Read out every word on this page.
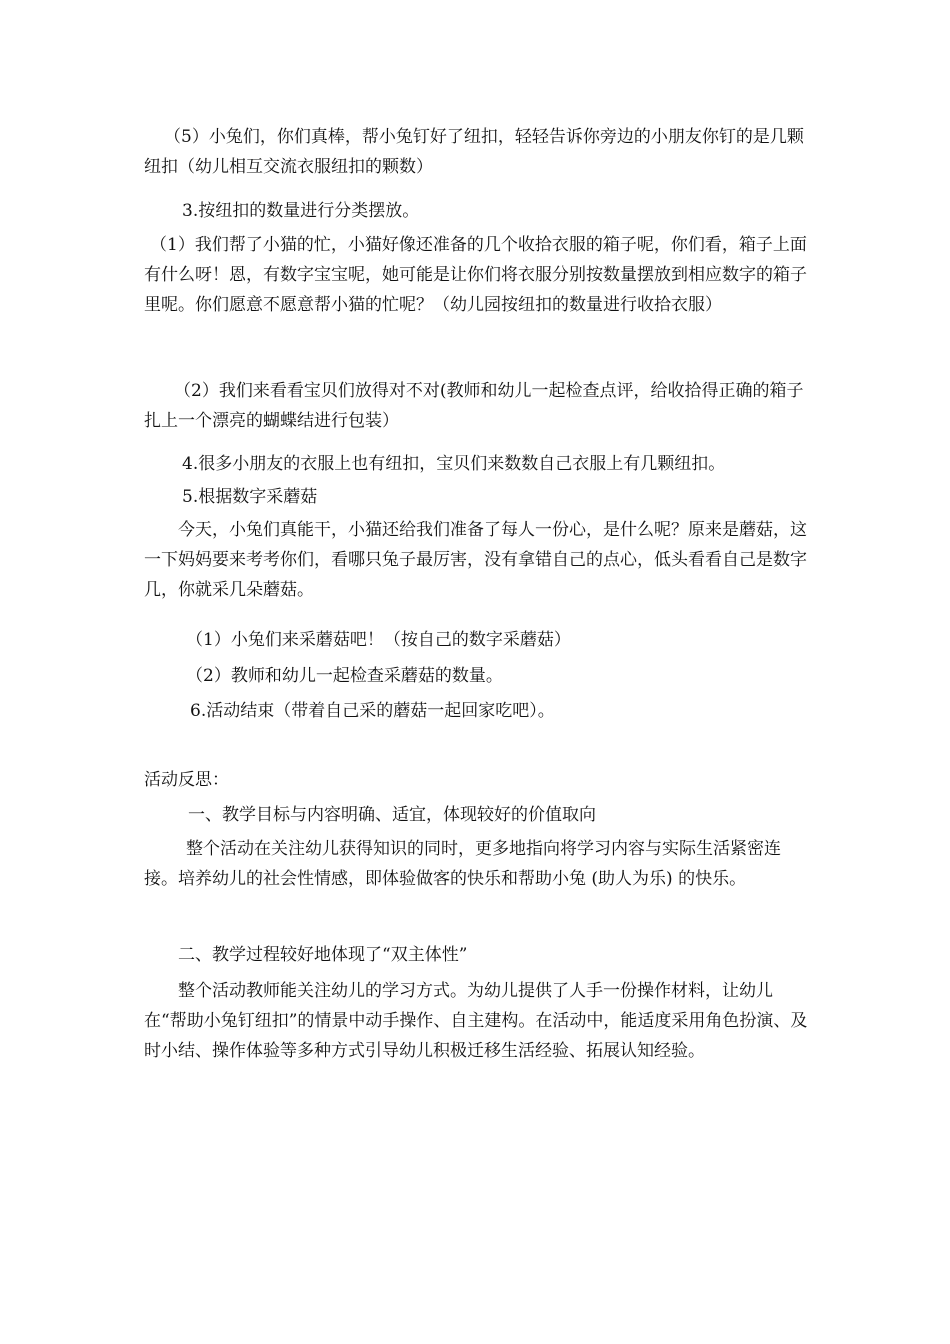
（5）小兔们，你们真棒，帮小兔钉好了纽扣，轻轻告诉你旁边的小朋友你钉的是几颗纽扣（幼儿相互交流衣服纽扣的颗数）

3.按纽扣的数量进行分类摆放。

（1）我们帮了小猫的忙，小猫好像还准备的几个收拾衣服的箱子呢，你们看，箱子上面有什么呀！恩，有数字宝宝呢，她可能是让你们将衣服分别按数量摆放到相应数字的箱子里呢。你们愿意不愿意帮小猫的忙呢？（幼儿园按纽扣的数量进行收拾衣服）

（2）我们来看看宝贝们放得对不对(教师和幼儿一起检查点评，给收拾得正确的箱子扎上一个漂亮的蝴蝶结进行包装）

4.很多小朋友的衣服上也有纽扣，宝贝们来数数自己衣服上有几颗纽扣。

5.根据数字采蘑菇

今天，小兔们真能干，小猫还给我们准备了每人一份心，是什么呢？原来是蘑菇，这一下妈妈要来考考你们，看哪只兔子最厉害，没有拿错自己的点心，低头看看自己是数字几，你就采几朵蘑菇。

（1）小兔们来采蘑菇吧！（按自己的数字采蘑菇）

（2）教师和幼儿一起检查采蘑菇的数量。

6.活动结束（带着自己采的蘑菇一起回家吃吧）。

活动反思：

一、教学目标与内容明确、适宜，体现较好的价值取向

整个活动在关注幼儿获得知识的同时，更多地指向将学习内容与实际生活紧密连接。培养幼儿的社会性情感，即体验做客的快乐和帮助小兔 (助人为乐) 的快乐。

二、教学过程较好地体现了“双主体性”

整个活动教师能关注幼儿的学习方式。为幼儿提供了人手一份操作材料，让幼儿在“帮助小兔钉纽扣”的情景中动手操作、自主建构。在活动中，能适度采用角色扮演、及时小结、操作体验等多种方式引导幼儿积极迁移生活经验、拓展认知经验。
